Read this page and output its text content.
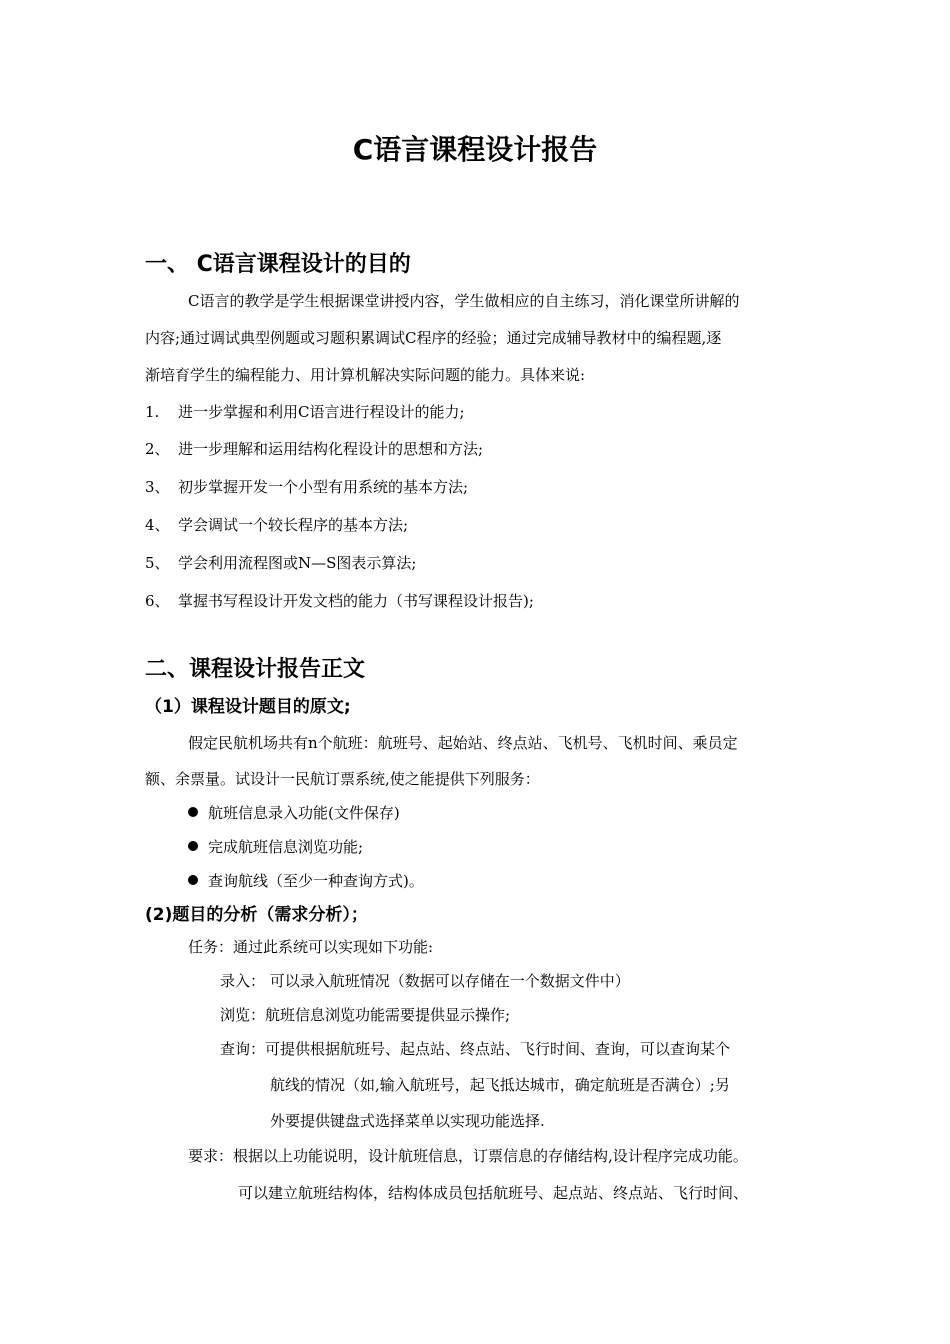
C语言课程设计报告
一、 C语言课程设计的目的
C语言的教学是学生根据课堂讲授内容，学生做相应的自主练习，消化课堂所讲解的
内容;通过调试典型例题或习题积累调试C程序的经验；通过完成辅导教材中的编程题,逐
渐培育学生的编程能力、用计算机解决实际问题的能力。具体来说:
1. 进一步掌握和利用C语言进行程设计的能力;
2、 进一步理解和运用结构化程设计的思想和方法;
3、 初步掌握开发一个小型有用系统的基本方法;
4、 学会调试一个较长程序的基本方法;
5、 学会利用流程图或N—S图表示算法;
6、 掌握书写程设计开发文档的能力（书写课程设计报告);
二、课程设计报告正文
（1）课程设计题目的原文;
假定民航机场共有n个航班：航班号、起始站、终点站、飞机号、飞机时间、乘员定
额、余票量。试设计一民航订票系统,使之能提供下列服务：
航班信息录入功能(文件保存)
完成航班信息浏览功能;
查询航线（至少一种查询方式)。
(2)题目的分析（需求分析）；
任务：通过此系统可以实现如下功能:
录入： 可以录入航班情况（数据可以存储在一个数据文件中）
浏览：航班信息浏览功能需要提供显示操作;
查询：可提供根据航班号、起点站、终点站、飞行时间、查询，可以查询某个
航线的情况（如,输入航班号，起飞抵达城市，确定航班是否满仓）;另
外要提供键盘式选择菜单以实现功能选择.
要求：根据以上功能说明，设计航班信息，订票信息的存储结构,设计程序完成功能。
可以建立航班结构体，结构体成员包括航班号、起点站、终点站、飞行时间、
